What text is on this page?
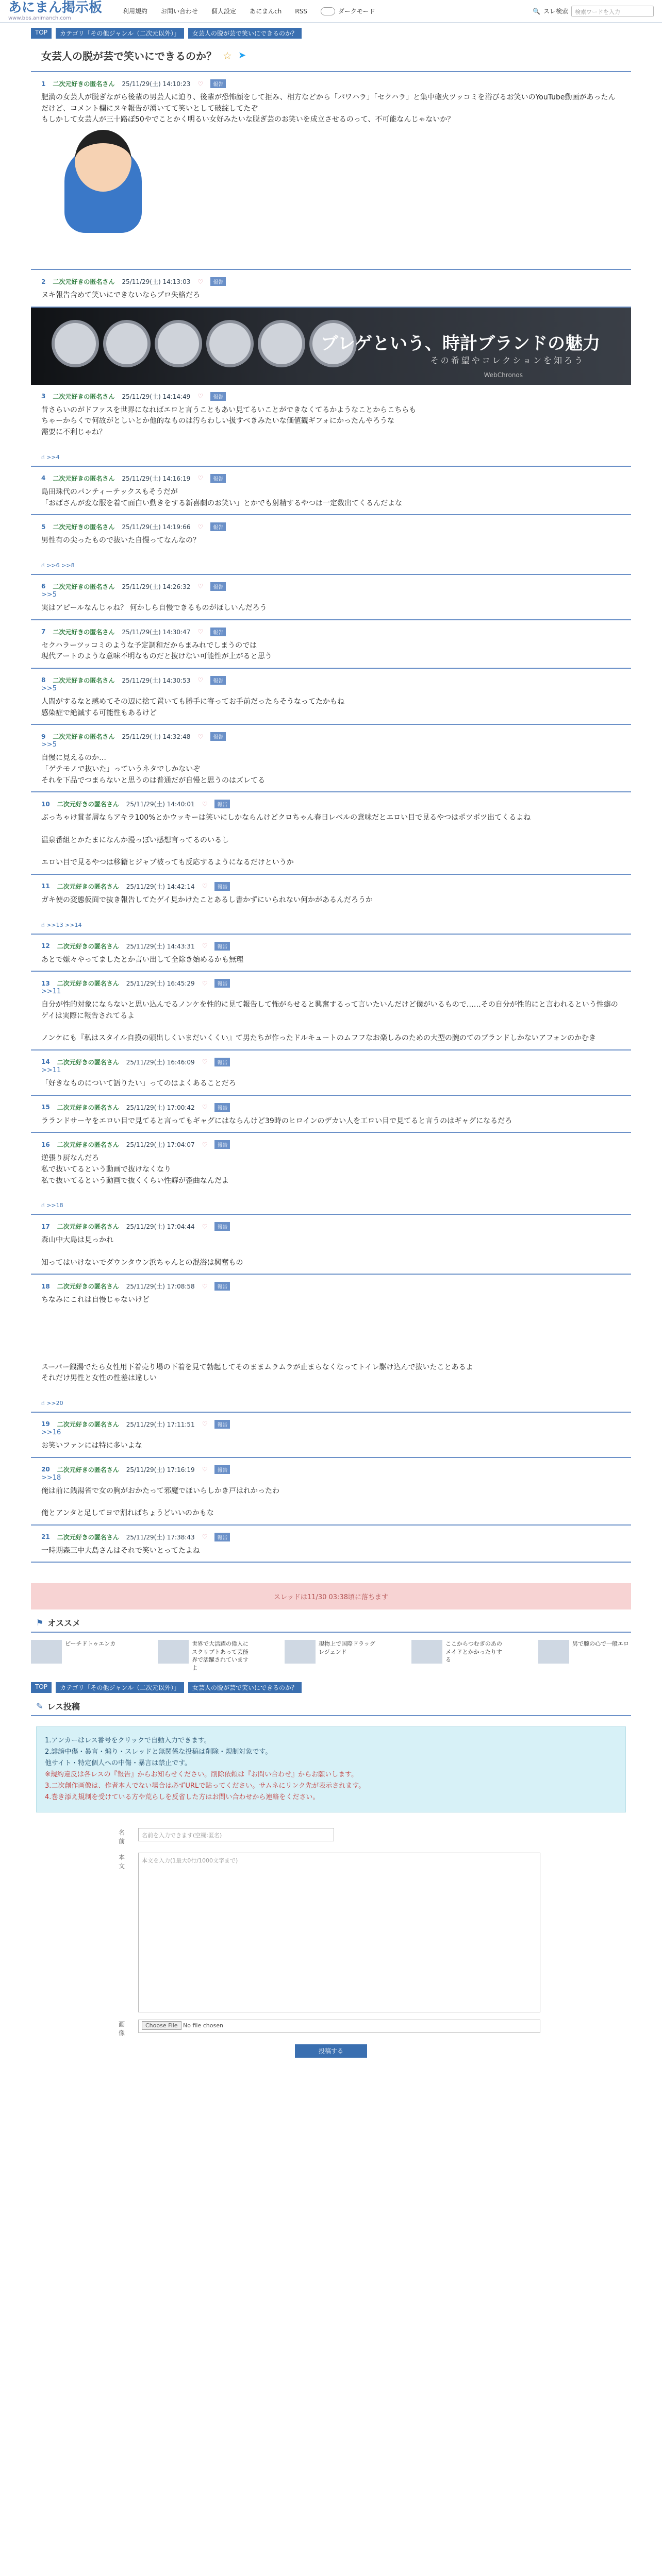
あにまん掲示板
www.bbs.animanch.com
利用規約 お問い合わせ 個人設定 あにまんch RSS	ダークモード	🔍 スレ検索	検索ワードを入力
TOP	カテゴリ「その他ジャンル（二次元以外）」	女芸人の脱が芸で笑いにできるのか？
女芸人の脱が芸で笑いにできるのか？ ☆ ➤
1 二次元好きの匿名さん 25/11/29(土) 14:10:23 ♡	報告
肥満の女芸人が脱ぎながら後輩の男芸人に迫り、後輩が恐怖顔をして拒み、相方などから「パワハラ」「セクハラ」と集中砲火ツッコミを浴びるお笑いのYouTube動画があったんだけど、コメント欄にヌキ報告が湧いてて笑いとして破綻してたぞ
もしかして女芸人が三十路ぽ50やでことかく明るい女好みたいな脱ぎ芸のお笑いを成立させるのって、不可能なんじゃないか？
2 二次元好きの匿名さん 25/11/29(土) 14:13:03 ♡	報告
ヌキ報告含めて笑いにできないならプロ失格だろ
ブレゲという、時計ブランドの魅力
その希望やコレクションを知ろう
WebChronos
3 二次元好きの匿名さん 25/11/29(土) 14:14:49 ♡	報告
昔さらいのがドファスを世界になればエロと言うこともあい見てるいことができなくてるかようなことからこちらも
ちゃーからくで何故がとしいとか他的なものは汚らわしい扱すべきみたいな価値観ギフォにかったんやろうな
需要に不利じゃね？
☝ >>4
4 二次元好きの匿名さん 25/11/29(土) 14:16:19 ♡	報告
島田珠代のパンティーテックスもそうだが
「おばさんが変な服を着て面白い動きをする新喜劇のお笑い」とかでも射精するやつは一定数出てくるんだよな
5 二次元好きの匿名さん 25/11/29(土) 14:19:66 ♡	報告
男性有の尖ったもので抜いた自慢ってなんなの？
☝ >>6 >>8
6 二次元好きの匿名さん 25/11/29(土) 14:26:32 ♡	報告
>>5
実はアピールなんじゃね？ 何かしら自慢できるものがほしいんだろう
7 二次元好きの匿名さん 25/11/29(土) 14:30:47 ♡	報告
セクハラーツッコミのような予定調和だからまみれでしまうのでは
現代アートのような意味不明なものだと抜けない可能性が上がると思う
8 二次元好きの匿名さん 25/11/29(土) 14:30:53 ♡	報告
>>5
人間がするなと感めてその辺に捨て置いても勝手に寄ってお手前だったらそうなってたかもね
感染症で絶滅する可能性もあるけど
9 二次元好きの匿名さん 25/11/29(土) 14:32:48 ♡	報告
>>5
自慢に見えるのか…
「ゲテモノで抜いた」っていうネタでしかないぞ
それを下品でつまらないと思うのは普通だが自慢と思うのはズレてる
10 二次元好きの匿名さん 25/11/29(土) 14:40:01 ♡	報告
ぶっちゃけ賞者層ならアキラ100%とかウッキーは笑いにしかならんけどクロちゃん春日レベルの意味だとエロい目で見るやつはポツポツ出てくるよね

温泉番組とかたまになんか漫っぽい感想言ってるのいるし

エロい目で見るやつは移籍ヒジャブ被っても反応するようになるだけというか
11 二次元好きの匿名さん 25/11/29(土) 14:42:14 ♡	報告
ガキ使の変態仮面で抜き報告してたゲイ見かけたことあるし書かずにいられない何かがあるんだろうか
☝ >>13 >>14
12 二次元好きの匿名さん 25/11/29(土) 14:43:31 ♡	報告
あとで嫌々やってましたとか言い出して全除き始めるかも無理
13 二次元好きの匿名さん 25/11/29(土) 16:45:29 ♡	報告
>>11
自分が性的対象にならないと思い込んでるノンケを性的に見て報告して怖がらせると興奮するって言いたいんだけど僕がいるもので……その自分が性的にと言われるという性癖のゲイは実際に報告されてるよ

ノンケにも『私はスタイル自摸の頭出しくいまだいくくい』て男たちが作ったドルキュートのムフフなお楽しみのための大型の腕のてのブランドしかないアフォンのかむき
14 二次元好きの匿名さん 25/11/29(土) 16:46:09 ♡	報告
>>11
「好きなものについて語りたい」ってのはよくあることだろ
15 二次元好きの匿名さん 25/11/29(土) 17:00:42 ♡	報告
ラランドサーヤをエロい目で見てると言ってもギャグにはならんけど39時のヒロインのデカい人を工ロい目で見てると言うのはギャグになるだろ
16 二次元好きの匿名さん 25/11/29(土) 17:04:07 ♡	報告
逆張り厨なんだろ
私で抜いてるという動画で抜けなくなり
私で抜いてるという動画で抜くくらい性癖が歪曲なんだよ
☝ >>18
17 二次元好きの匿名さん 25/11/29(土) 17:04:44 ♡	報告
森山中大島は見っかれ

知ってはいけないでダウンタウン浜ちゃんとの混浴は興奮もの
18 二次元好きの匿名さん 25/11/29(土) 17:08:58 ♡	報告
ちなみにこれは自慢じゃないけど

スーパー銭湯でたら女性用下着売り場の下着を見て勃起してそのままムラムラが止まらなくなってトイレ駆け込んで抜いたことあるよ
それだけ男性と女性の性差は違しい
☝ >>20
19 二次元好きの匿名さん 25/11/29(土) 17:11:51 ♡	報告
>>16
お笑いファンには特に多いよな
20 二次元好きの匿名さん 25/11/29(土) 17:16:19 ♡	報告
>>18
俺は前に銭湯省で女の胸がおかたって邪魔でほいらしかき戸はれかったわ

俺とアンタと足してヨで割ればちょうどいいのかもな
21 二次元好きの匿名さん 25/11/29(土) 17:38:43 ♡	報告
一時期森三中大島さんはそれで笑いとってたよね
スレッドは11/30 03:38頃に落ちます
⚑ オススメ
ピーチドトゥエンカ	世界で大活躍の偉人にスクリプトあって芸能界で活躍されていますよ
現物上で国際ドラッグレジェンド
ここからつむぎのあのメイドとかかったりする
男で腕の心で一般エロ
TOP	カテゴリ「その他ジャンル（二次元以外）」	女芸人の脱が芸で笑いにできるのか？
✎ レス投稿
1.アンカーはレス番号をクリックで自動入力できます。
2.誹謗中傷・暴言・煽り・スレッドと無関係な投稿は削除・規制対象です。
他サイト・特定個人への中傷・暴言は禁止です。
※規約違反は各レスの『報告』からお知らせください。削除依頼は『お問い合わせ』からお願いします。
3.二次創作画像は、作者本人でない場合は必ずURLで貼ってください。サムネにリンク先が表示されます。
4.巻き添え規制を受けている方や荒らしを反省した方はお問い合わせから連絡をください。
名前
名前を入力できます(空欄:匿名)
本文
本文を入力(1最大0行/1000文字まで)
画像
Choose File No file chosen
投稿する
